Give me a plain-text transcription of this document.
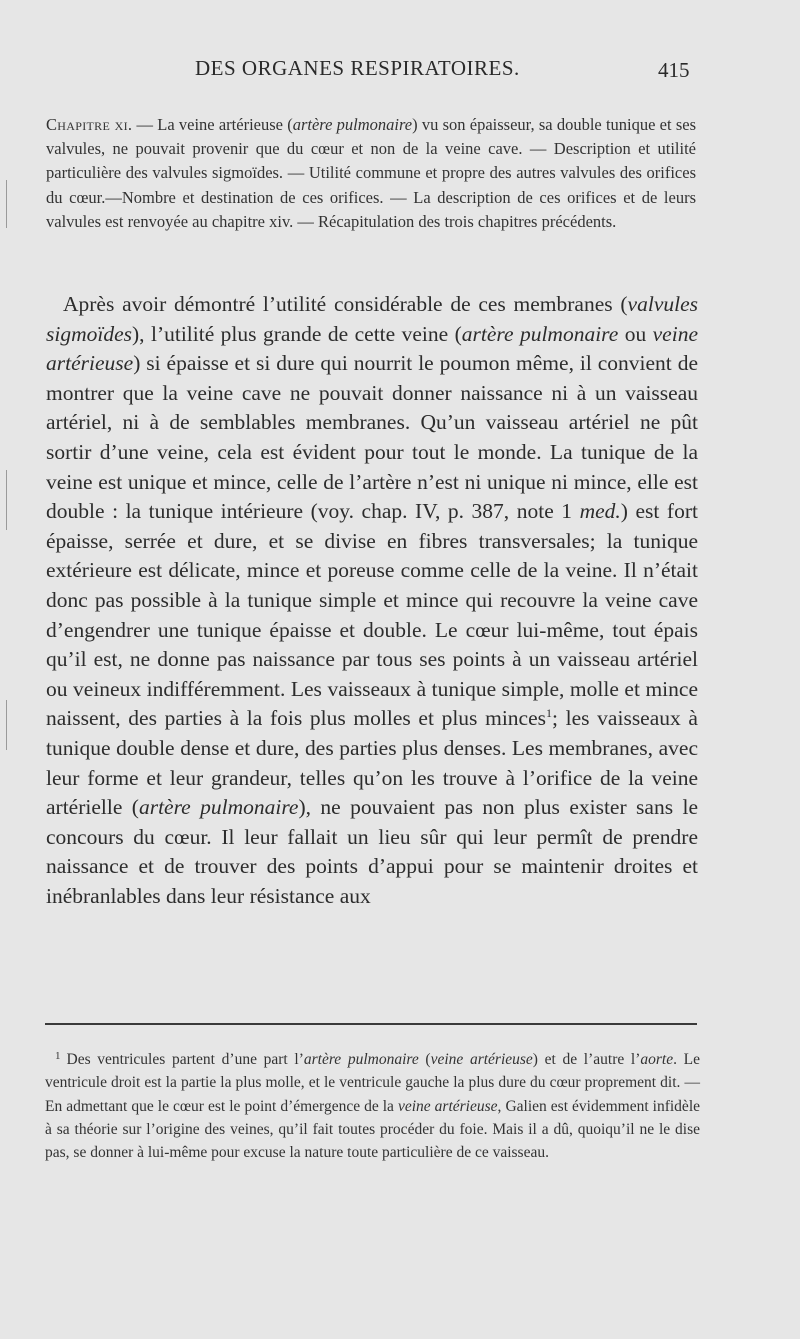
DES ORGANES RESPIRATOIRES.	415
Chapitre xi. — La veine artérieuse (artère pulmonaire) vu son épaisseur, sa double tunique et ses valvules, ne pouvait provenir que du cœur et non de la veine cave. — Description et utilité particulière des valvules sigmoïdes. — Utilité commune et propre des autres valvules des orifices du cœur.—Nombre et destination de ces orifices. — La description de ces orifices et de leurs valvules est renvoyée au chapitre xiv. — Récapitulation des trois chapitres précédents.

Après avoir démontré l’utilité considérable de ces membranes (valvules sigmoïdes), l’utilité plus grande de cette veine (artère pulmonaire ou veine artérieuse) si épaisse et si dure qui nourrit le poumon même, il convient de montrer que la veine cave ne pouvait donner naissance ni à un vaisseau artériel, ni à de semblables membranes. Qu’un vaisseau artériel ne pût sortir d’une veine, cela est évident pour tout le monde. La tunique de la veine est unique et mince, celle de l’artère n’est ni unique ni mince, elle est double : la tunique intérieure (voy. chap. IV, p. 387, note 1 med.) est fort épaisse, serrée et dure, et se divise en fibres transversales; la tunique extérieure est délicate, mince et poreuse comme celle de la veine. Il n’était donc pas possible à la tunique simple et mince qui recouvre la veine cave d’engendrer une tunique épaisse et double. Le cœur lui-même, tout épais qu’il est, ne donne pas naissance par tous ses points à un vaisseau artériel ou veineux indifféremment. Les vaisseaux à tunique simple, molle et mince naissent, des parties à la fois plus molles et plus minces$^1$; les vaisseaux à tunique double dense et dure, des parties plus denses. Les membranes, avec leur forme et leur grandeur, telles qu’on les trouve à l’orifice de la veine artérielle (artère pulmonaire), ne pouvaient pas non plus exister sans le concours du cœur. Il leur fallait un lieu sûr qui leur permît de prendre naissance et de trouver des points d’appui pour se maintenir droites et inébranlables dans leur résistance aux

$^1$ Des ventricules partent d’une part l’artère pulmonaire (veine artérieuse) et de l’autre l’aorte. Le ventricule droit est la partie la plus molle, et le ventricule gauche la plus dure du cœur proprement dit. — En admettant que le cœur est le point d’émergence de la veine artérieuse, Galien est évidemment infidèle à sa théorie sur l’origine des veines, qu’il fait toutes procéder du foie. Mais il a dû, quoiqu’il ne le dise pas, se donner à lui-même pour excuse la nature toute particulière de ce vaisseau.
